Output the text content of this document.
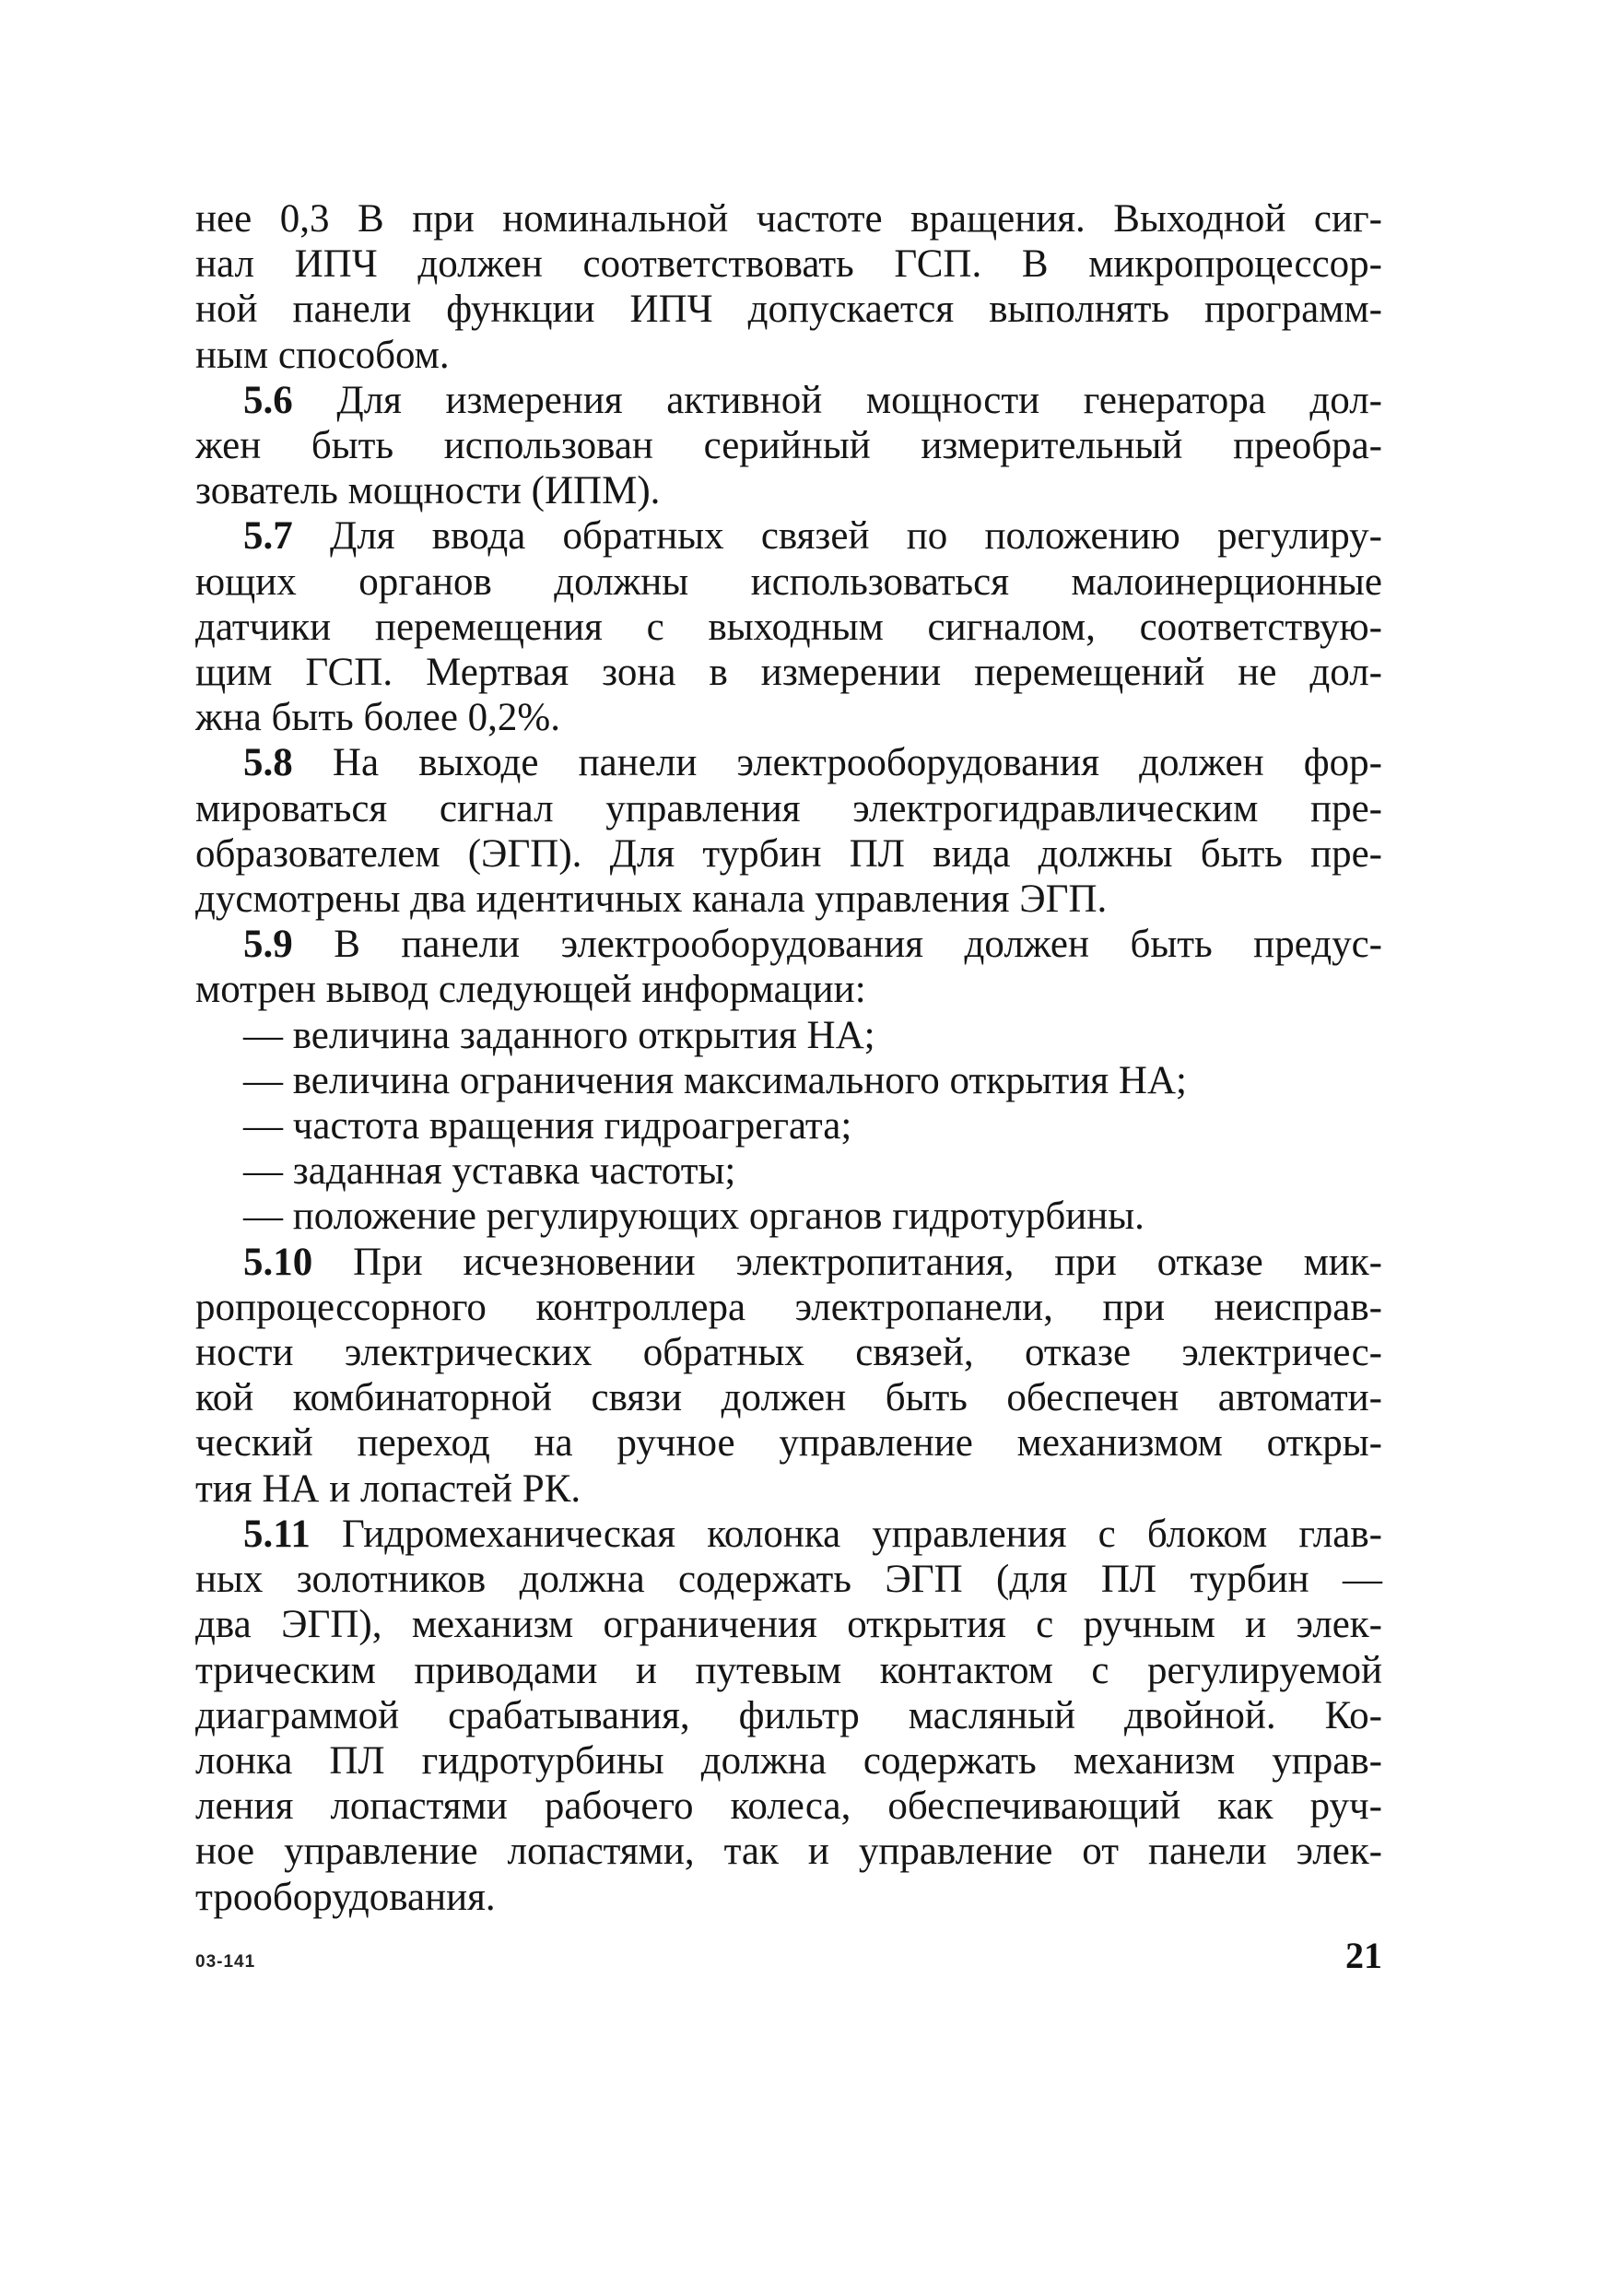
нее 0,3 В при номинальной частоте вращения. Выходной сиг-
нал ИПЧ должен соответствовать ГСП. В микропроцессор-
ной панели функции ИПЧ допускается выполнять программ-
ным способом.
5.6 Для измерения активной мощности генератора дол-
жен быть использован серийный измерительный преобра-
зователь мощности (ИПМ).
5.7 Для ввода обратных связей по положению регулиру-
ющих органов должны использоваться малоинерционные
датчики перемещения с выходным сигналом, соответствую-
щим ГСП. Мертвая зона в измерении перемещений не дол-
жна быть более 0,2%.
5.8 На выходе панели электрооборудования должен фор-
мироваться сигнал управления электрогидравлическим пре-
образователем (ЭГП). Для турбин ПЛ вида должны быть пре-
дусмотрены два идентичных канала управления ЭГП.
5.9 В панели электрооборудования должен быть предус-
мотрен вывод следующей информации:
— величина заданного открытия НА;
— величина ограничения максимального открытия НА;
— частота вращения гидроагрегата;
— заданная уставка частоты;
— положение регулирующих органов гидротурбины.
5.10 При исчезновении электропитания, при отказе мик-
ропроцессорного контроллера электропанели, при неисправ-
ности электрических обратных связей, отказе электричес-
кой комбинаторной связи должен быть обеспечен автомати-
ческий переход на ручное управление механизмом откры-
тия НА и лопастей РК.
5.11 Гидромеханическая колонка управления с блоком глав-
ных золотников должна содержать ЭГП (для ПЛ турбин —
два ЭГП), механизм ограничения открытия с ручным и элек-
трическим приводами и путевым контактом с регулируемой
диаграммой срабатывания, фильтр масляный двойной. Ко-
лонка ПЛ гидротурбины должна содержать механизм управ-
ления лопастями рабочего колеса, обеспечивающий как руч-
ное управление лопастями, так и управление от панели элек-
трооборудования.
03-141	21
